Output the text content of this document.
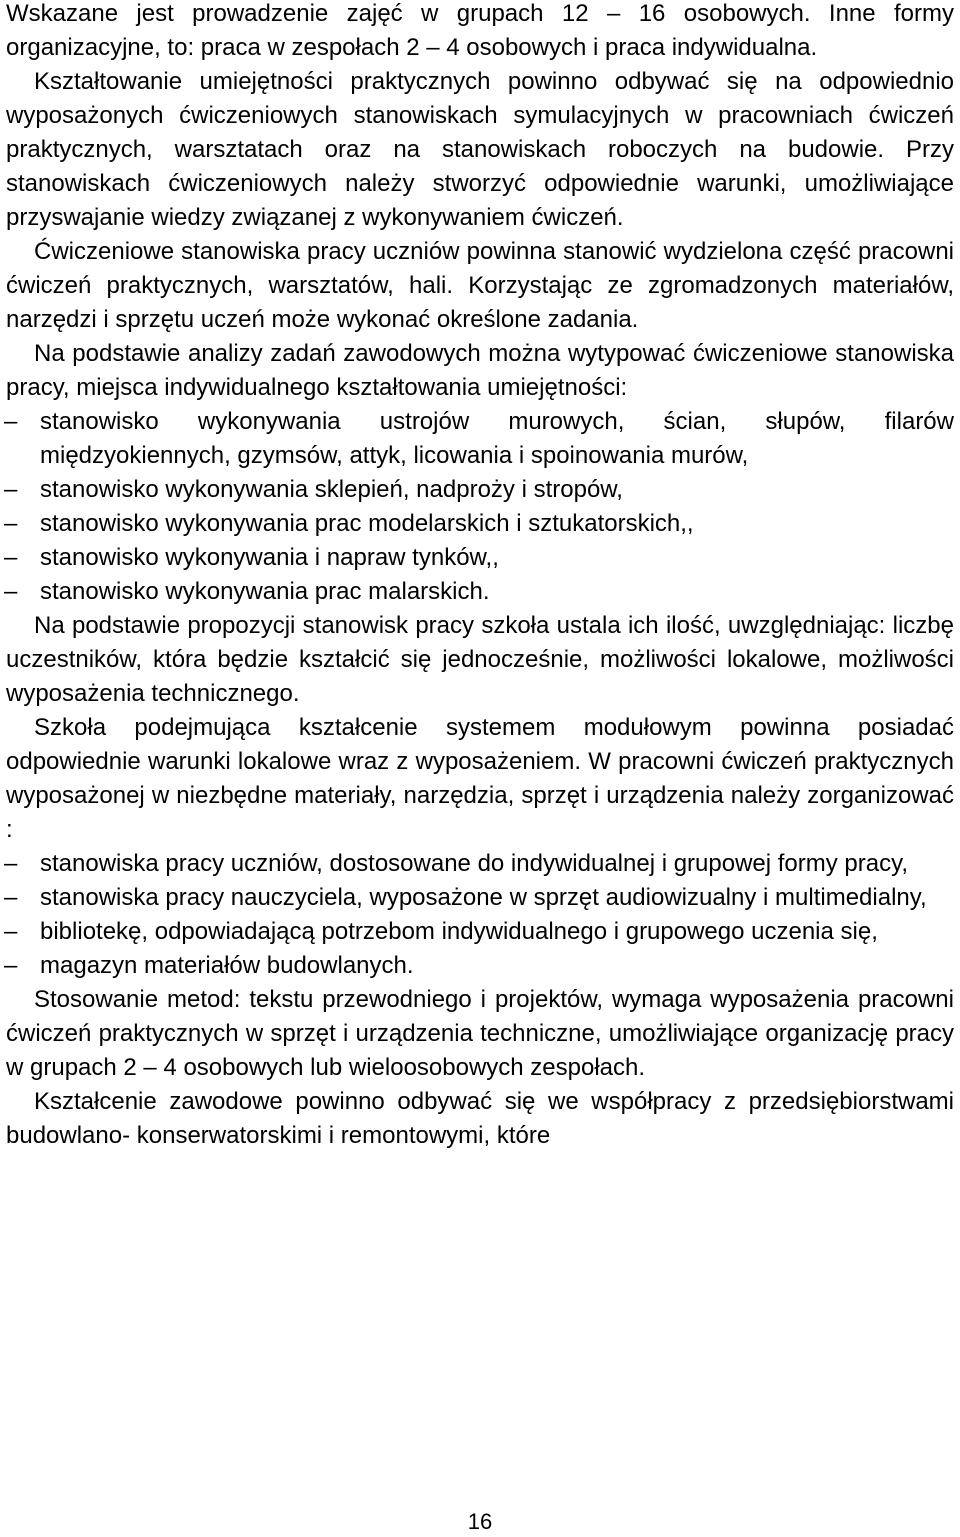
Wskazane jest prowadzenie zajęć w grupach 12 – 16 osobowych. Inne formy organizacyjne, to: praca w zespołach 2 – 4 osobowych i praca indywidualna.

Kształtowanie umiejętności praktycznych powinno odbywać się na odpowiednio wyposażonych ćwiczeniowych stanowiskach symulacyjnych w pracowniach ćwiczeń praktycznych, warsztatach oraz na stanowiskach roboczych na budowie. Przy stanowiskach ćwiczeniowych należy stworzyć odpowiednie warunki, umożliwiające przyswajanie wiedzy związanej z wykonywaniem ćwiczeń.

Ćwiczeniowe stanowiska pracy uczniów powinna stanowić wydzielona część pracowni ćwiczeń praktycznych, warsztatów, hali. Korzystając ze zgromadzonych materiałów, narzędzi i sprzętu uczeń może wykonać określone zadania.

Na podstawie analizy zadań zawodowych można wytypować ćwiczeniowe stanowiska pracy, miejsca indywidualnego kształtowania umiejętności:

– stanowisko wykonywania ustrojów murowych, ścian, słupów, filarów międzyokiennych, gzymsów, attyk, licowania i spoinowania murów,
– stanowisko wykonywania sklepień, nadproży i stropów,
– stanowisko wykonywania prac modelarskich i sztukatorskich,,
– stanowisko wykonywania i napraw tynków,,
– stanowisko wykonywania prac malarskich.

Na podstawie propozycji stanowisk pracy szkoła ustala ich ilość, uwzględniając: liczbę uczestników, która będzie kształcić się jednocześnie, możliwości lokalowe, możliwości wyposażenia technicznego.

Szkoła podejmująca kształcenie systemem modułowym powinna posiadać odpowiednie warunki lokalowe wraz z wyposażeniem. W pracowni ćwiczeń praktycznych wyposażonej w niezbędne materiały, narzędzia, sprzęt i urządzenia należy zorganizować :

– stanowiska pracy uczniów, dostosowane do indywidualnej i grupowej formy pracy,
– stanowiska pracy nauczyciela, wyposażone w sprzęt audiowizualny i multimedialny,
– bibliotekę, odpowiadającą potrzebom indywidualnego i grupowego uczenia się,
– magazyn materiałów budowlanych.

Stosowanie metod: tekstu przewodniego i projektów, wymaga wyposażenia pracowni ćwiczeń praktycznych w sprzęt i urządzenia techniczne, umożliwiające organizację pracy w grupach 2 – 4 osobowych lub wieloosobowych zespołach.

Kształcenie zawodowe powinno odbywać się we współpracy z przedsiębiorstwami budowlano- konserwatorskimi i remontowymi, które

16
